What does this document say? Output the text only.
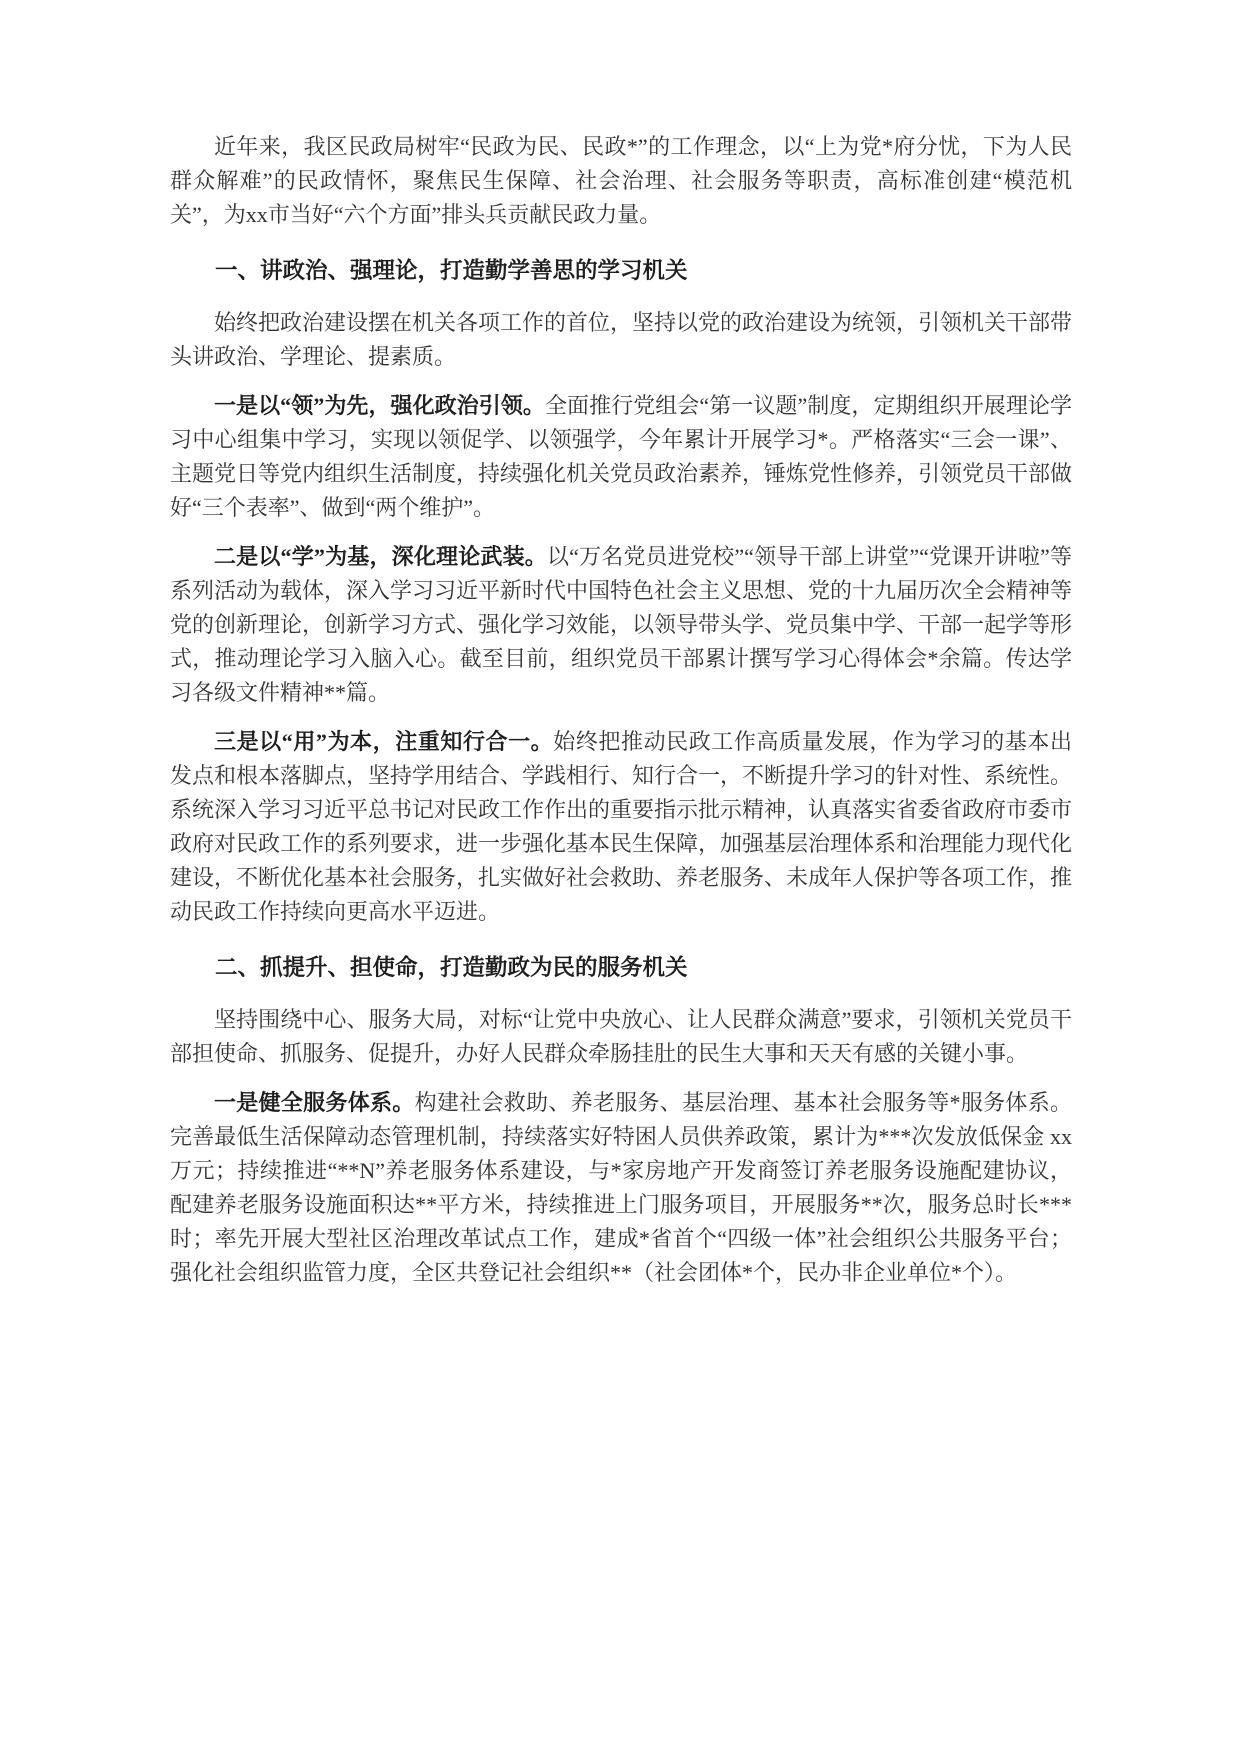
近年来，我区民政局树牢“民政为民、民政*”的工作理念，以“上为党*府分忧，下为人民群众解难”的民政情怀，聚焦民生保障、社会治理、社会服务等职责，高标准创建“模范机关”，为xx市当好“六个方面”排头兵贡献民政力量。

一、讲政治、强理论，打造勤学善思的学习机关

始终把政治建设摆在机关各项工作的首位，坚持以党的政治建设为统领，引领机关干部带头讲政治、学理论、提素质。

一是以“领”为先，强化政治引领。全面推行党组会“第一议题”制度，定期组织开展理论学习中心组集中学习，实现以领促学、以领强学，今年累计开展学习*。严格落实“三会一课”、主题党日等党内组织生活制度，持续强化机关党员政治素养，锤炼党性修养，引领党员干部做好“三个表率”、做到“两个维护”。

二是以“学”为基，深化理论武装。以“万名党员进党校”“领导干部上讲堂”“党课开讲啦”等系列活动为载体，深入学习习近平新时代中国特色社会主义思想、党的十九届历次全会精神等党的创新理论，创新学习方式、强化学习效能，以领导带头学、党员集中学、干部一起学等形式，推动理论学习入脑入心。截至目前，组织党员干部累计撰写学习心得体会*余篇。传达学习各级文件精神**篇。

三是以“用”为本，注重知行合一。始终把推动民政工作高质量发展，作为学习的基本出发点和根本落脚点，坚持学用结合、学践相行、知行合一，不断提升学习的针对性、系统性。系统深入学习习近平总书记对民政工作作出的重要指示批示精神，认真落实省委省政府市委市政府对民政工作的系列要求，进一步强化基本民生保障，加强基层治理体系和治理能力现代化建设，不断优化基本社会服务，扎实做好社会救助、养老服务、未成年人保护等各项工作，推动民政工作持续向更高水平迈进。

二、抓提升、担使命，打造勤政为民的服务机关

坚持围绕中心、服务大局，对标“让党中央放心、让人民群众满意”要求，引领机关党员干部担使命、抓服务、促提升，办好人民群众牵肠挂肚的民生大事和天天有感的关键小事。

一是健全服务体系。构建社会救助、养老服务、基层治理、基本社会服务等*服务体系。完善最低生活保障动态管理机制，持续落实好特困人员供养政策，累计为***次发放低保金 xx 万元；持续推进“**N”养老服务体系建设，与*家房地产开发商签订养老服务设施配建协议，配建养老服务设施面积达**平方米，持续推进上门服务项目，开展服务**次，服务总时长***时；率先开展大型社区治理改革试点工作，建成*省首个“四级一体”社会组织公共服务平台；强化社会组织监管力度，全区共登记社会组织**（社会团体*个，民办非企业单位*个）。
